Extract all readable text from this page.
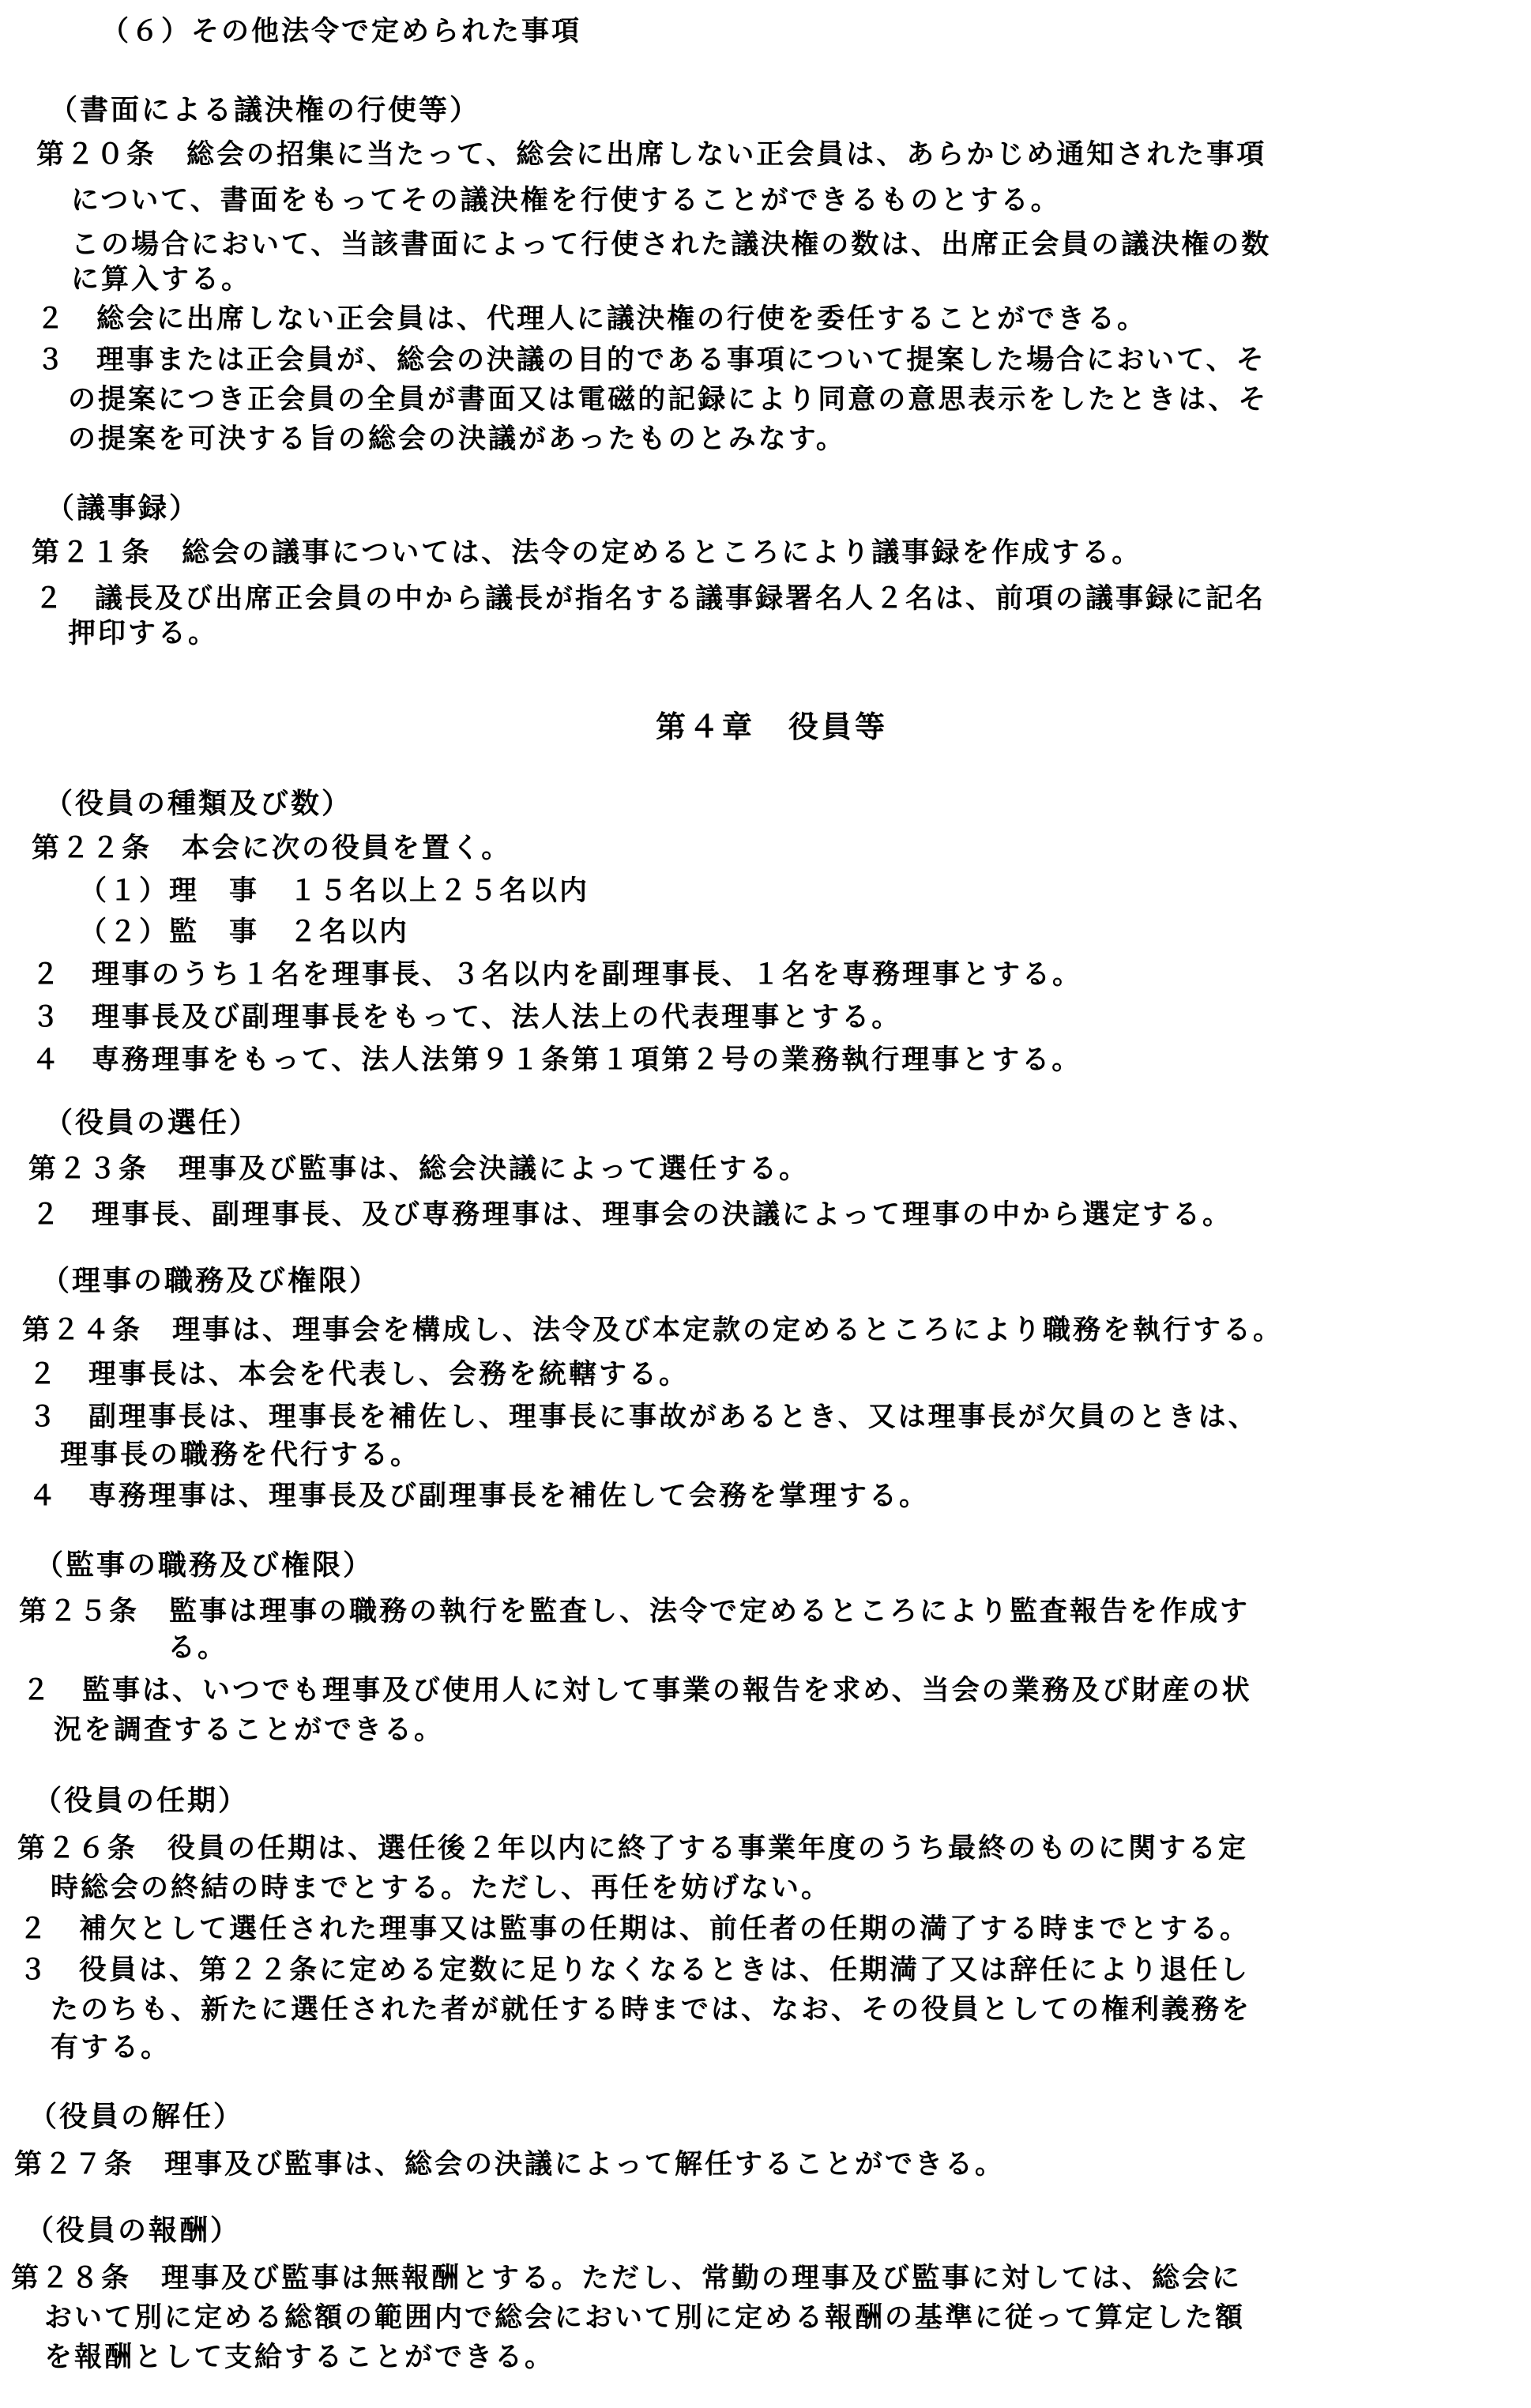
（６）その他法令で定められた事項
（書面による議決権の行使等）
第２０条　総会の招集に当たって、総会に出席しない正会員は、あらかじめ通知された事項
について、書面をもってその議決権を行使することができるものとする。
この場合において、当該書面によって行使された議決権の数は、出席正会員の議決権の数
に算入する。
２　総会に出席しない正会員は、代理人に議決権の行使を委任することができる。
３　理事または正会員が、総会の決議の目的である事項について提案した場合において、そ
の提案につき正会員の全員が書面又は電磁的記録により同意の意思表示をしたときは、そ
の提案を可決する旨の総会の決議があったものとみなす。
（議事録）
第２１条　総会の議事については、法令の定めるところにより議事録を作成する。
２　議長及び出席正会員の中から議長が指名する議事録署名人２名は、前項の議事録に記名
押印する。
第４章　役員等
（役員の種類及び数）
第２２条　本会に次の役員を置く。
（１）理　事　１５名以上２５名以内
（２）監　事　２名以内
２　理事のうち１名を理事長、３名以内を副理事長、１名を専務理事とする。
３　理事長及び副理事長をもって、法人法上の代表理事とする。
４　専務理事をもって、法人法第９１条第１項第２号の業務執行理事とする。
（役員の選任）
第２３条　理事及び監事は、総会決議によって選任する。
２　理事長、副理事長、及び専務理事は、理事会の決議によって理事の中から選定する。
（理事の職務及び権限）
第２４条　理事は、理事会を構成し、法令及び本定款の定めるところにより職務を執行する。
２　理事長は、本会を代表し、会務を統轄する。
３　副理事長は、理事長を補佐し、理事長に事故があるとき、又は理事長が欠員のときは、
理事長の職務を代行する。
４　専務理事は、理事長及び副理事長を補佐して会務を掌理する。
（監事の職務及び権限）
第２５条　監事は理事の職務の執行を監査し、法令で定めるところにより監査報告を作成す
る。
２　監事は、いつでも理事及び使用人に対して事業の報告を求め、当会の業務及び財産の状
況を調査することができる。
（役員の任期）
第２６条　役員の任期は、選任後２年以内に終了する事業年度のうち最終のものに関する定
時総会の終結の時までとする。ただし、再任を妨げない。
２　補欠として選任された理事又は監事の任期は、前任者の任期の満了する時までとする。
３　役員は、第２２条に定める定数に足りなくなるときは、任期満了又は辞任により退任し
たのちも、新たに選任された者が就任する時までは、なお、その役員としての権利義務を
有する。
（役員の解任）
第２７条　理事及び監事は、総会の決議によって解任することができる。
（役員の報酬）
第２８条　理事及び監事は無報酬とする。ただし、常勤の理事及び監事に対しては、総会に
おいて別に定める総額の範囲内で総会において別に定める報酬の基準に従って算定した額
を報酬として支給することができる。
